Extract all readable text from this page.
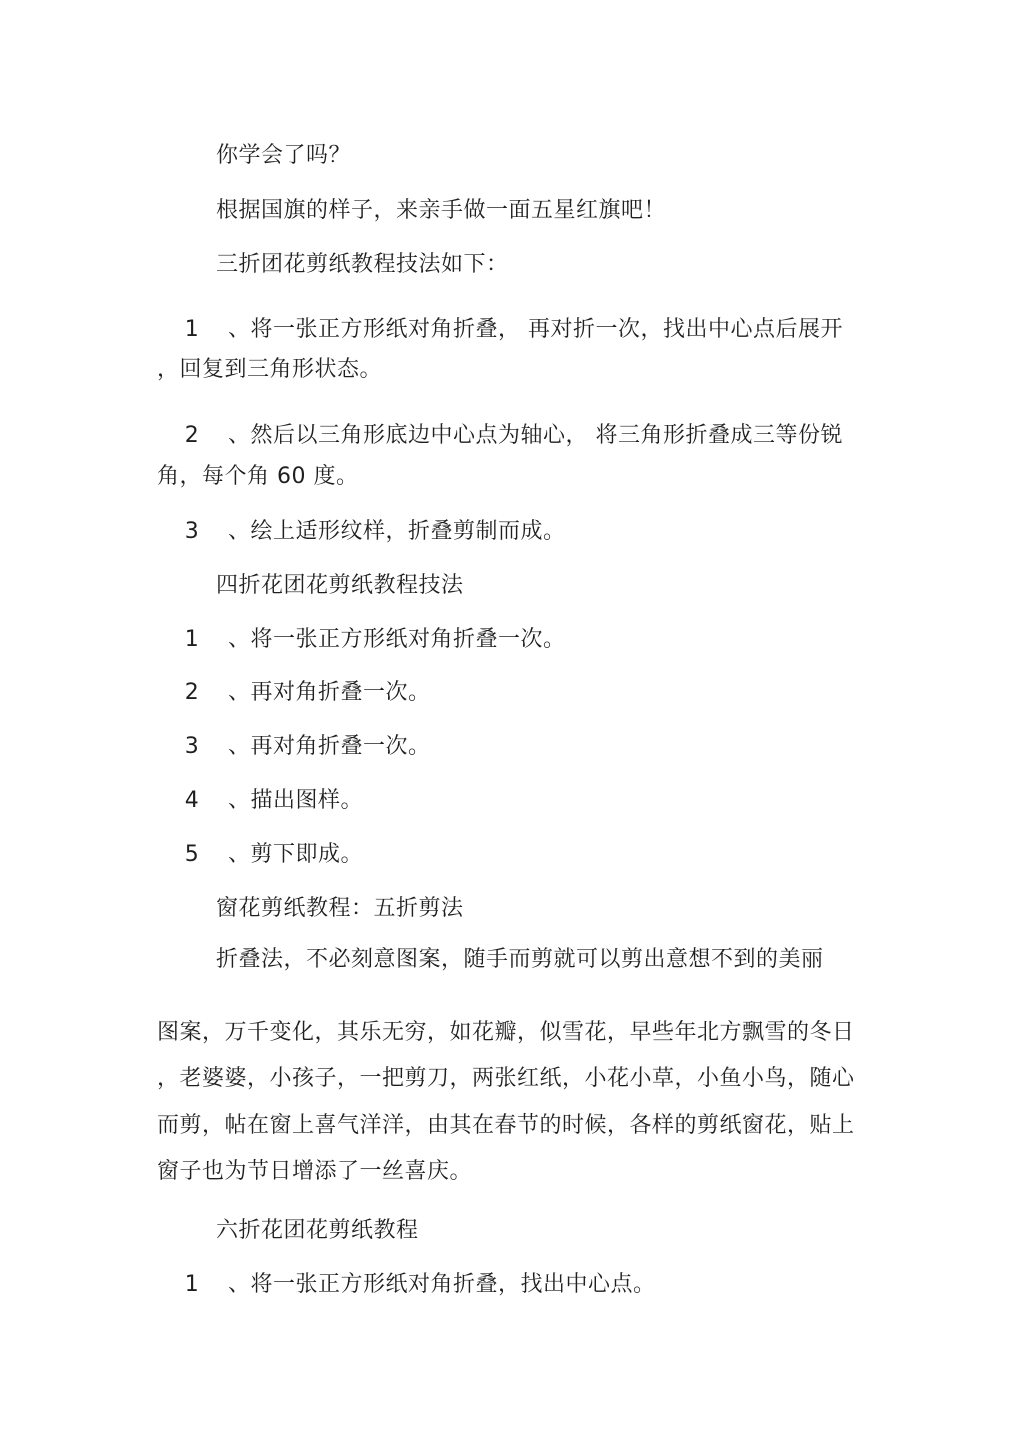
你学会了吗？
根据国旗的样子，来亲手做一面五星红旗吧！
三折团花剪纸教程技法如下：
1 、将一张正方形纸对角折叠， 再对折一次，找出中心点后展开
，回复到三角形状态。
2 、然后以三角形底边中心点为轴心， 将三角形折叠成三等份锐
角，每个角 60 度。
3 、绘上适形纹样，折叠剪制而成。
四折花团花剪纸教程技法
1 、将一张正方形纸对角折叠一次。
2 、再对角折叠一次。
3 、再对角折叠一次。
4 、描出图样。
5 、剪下即成。
窗花剪纸教程：五折剪法
折叠法，不必刻意图案，随手而剪就可以剪出意想不到的美丽
图案，万千变化，其乐无穷，如花瓣，似雪花，早些年北方飘雪的冬日
，老婆婆，小孩子，一把剪刀，两张红纸，小花小草，小鱼小鸟，随心
而剪，帖在窗上喜气洋洋，由其在春节的时候，各样的剪纸窗花，贴上
窗子也为节日增添了一丝喜庆。
六折花团花剪纸教程
1 、将一张正方形纸对角折叠，找出中心点。
